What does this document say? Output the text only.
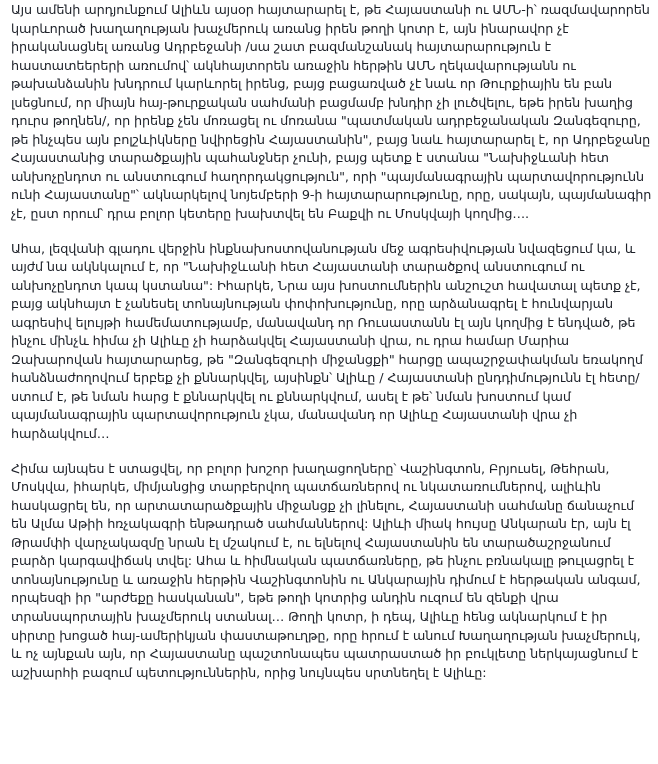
Այս ամենի արդյունքում Ալիևն այսօր հայտարարել է, թե Հայաստանի ու ԱՄՆ-ի՝ ռազմավարորեն կարևորած խաղաղության խաչմերուկ առանց իրեն թողի կոտր է, այն ինարավոր չէ իրականացնել առանց Ադրբեջանի /սա շատ բազմանշանակ հայտարարություն է հաստատեերերի առումով՝ ակնհայտորեն առաջին հերթին ԱՄՆ ղեկավարությանն ու թախանձանին խնդրում կարևորել իրենց, բայց բացառված չէ նաև որ Թուրքիային են բան լսեցնում, որ միայն հայ-թուրքական սահմանի բացմամբ խնդիր չի լուծվելու, եթե իրեն խաղից դուրս թողնեն/, որ իրենք չեն մոռացել ու մոռանա "պատմական ադրբեջանական Զանգեզուրը, թե ինչպես այն բոլշևիկները նվիրեցին Հայաստանին", բայց նաև հայտարարել է, որ Ադրբեջանը Հայաստանից տարածքային պահանջներ չունի, բայց պետք է ստանա "Նախիջևանի հետ անխոչընդոտ ու անստուգում հաղորդակցություն", որի "պայմանագրային պարտավորությունն ունի Հայաստանը"՝ ակնարկելով նոյեմբերի 9-ի հայտարարությունը, որը, սակայն, պայմանագիր չէ, ըստ որում՝ դրա բոլոր կետերը խախտվել են Բաքվի ու Մոսկվայի կողմից….

Ահա, լեզվանի գլադու վերջին ինքնախոստովանության մեջ ագրեսիվության նվազեցում կա, և այժմ նա ակնկալում է, որ "Նախիջևանի հետ Հայաստանի տարածքով անստուգում ու անխոչընդոտ կապ կստանա": Իհարկե, Նրա այս խոստումներին անշուշտ հավատալ պետք չէ, բայց ակնհայտ է չանեսել տոնայնության փոփոխությունը, որը արձանագրել է հունվարյան ագրեսիվ ելույթի համեմատությամբ, մանավանդ որ Ռուսաստանն էլ այն կողմից է ենդված, թե ինչու մինչև հիմա չի Ալիևը չի հարձակվել Հայաստանի վրա, ու դրա համար Մարիա Զախարովան հայտարարեց, թե "Զանգեզուրի միջանցքի" հարցը ապաշրջափակման եռակողմ հանձնաժողովում երբեք չի քննարկվել, այսինքն՝ Ալիևը / Հայաստանի ընդդիմությունն էլ հետը/ ստում է, թե նման հարց է քննարկվել ու քննարկվում, ասել է թե՝ նման խոստում կամ պայմանագրային պարտավորություն չկա, մանավանդ որ Ալիևը Հայաստանի վրա չի հարձակվում…

Հիմա այնպես է ստացվել, որ բոլոր խոշոր խաղացողները՝ Վաշինգտոն, Բրյուսել, Թեհրան, Մոսկվա, իհարկե, միմյանցից տարբերվող պատճառներով ու նկատառումներով, ալիևին հասկացրել են, որ արտատարածքային միջանցք չի լինելու, Հայաստանի սահմանը ճանաչում են Ալմա Աթիի հռչակագրի ենթադրած սահմաններով: Ալիևի միակ հույսը Անկարան էր, այն էլ Թրամփի վարչակազմը նրան էլ մշակում է, ու ելնելով Հայաստանին են տարածաշրջանում բարձր կարգավիճակ տվել: Ահա և հիմնական պատճառները, թե ինչու բռնակալը թուլացրել է տոնայնությունը և առաջին հերթին Վաշինգտոնին ու Անկարային դիմում է հերթական անգամ, որպեսզի իր "արժեքը հասկանան", եթե թողի կոտրից անդին ուզում են զենքի վրա տրանսպորտային խաչմերուկ ստանալ… Թողի կոտր, ի դեպ, Ալիևը հենց ակնարկում է իր սիրտը խոցած հայ-ամերիկյան փաստաթուղթը, որը հրում է անում Խաղաղության խաչմերուկ, և ոչ այնքան այն, որ Հայաստանը պաշտոնապես պատրաստած իր բուկլետը ներկայացնում է աշխարհի բազում պետություններին, որից նույնպես սրտնեղել է Ալիևը:
